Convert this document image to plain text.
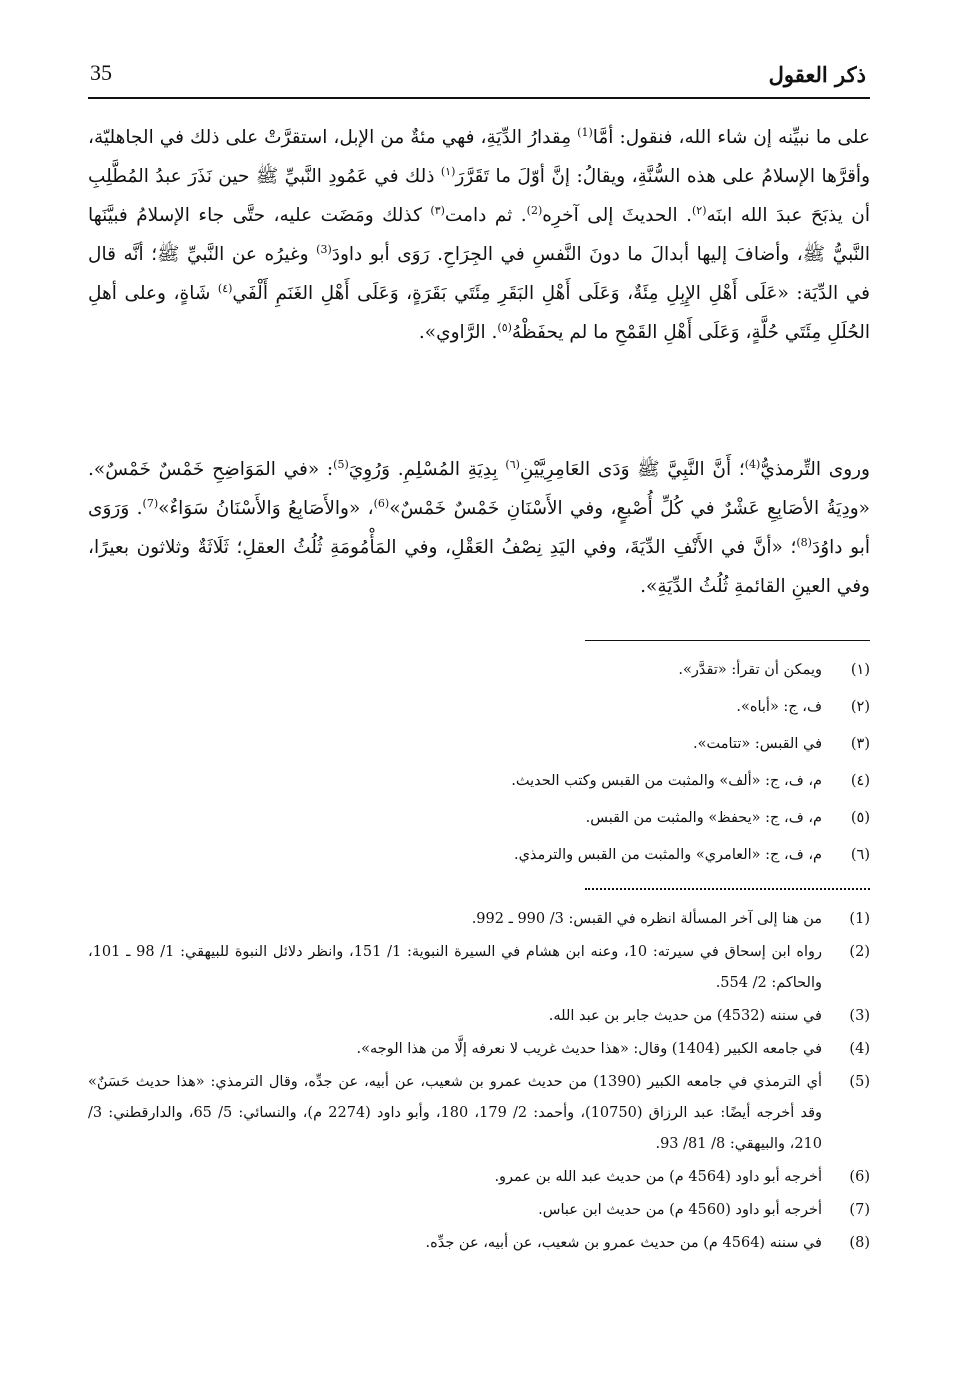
ذكر العقول
35

على ما نبيِّنه إن شاء الله، فنقول: أمَّا$^{(1)}$ مِقدارُ الدِّيَةِ، فهي مئةٌ من الإبل، استقرَّتْ على ذلك في الجاهليّة، وأقرَّها الإسلامُ على هذه السُّنَّةِ، ويقالُ: إنَّ أوّلَ ما تَقَرَّرَ$^{(١)}$ ذلك في عَمُودِ النَّبيِّ ﷺ حين نَذَرَ عبدُ المُطَّلِبِ أن يذبَحَ عبدَ الله ابنَه$^{(٢)}$. الحديثَ إلى آخرِه$^{(2)}$. ثم دامت$^{(٣)}$ كذلك ومَضَت عليه، حتَّى جاء الإسلامُ فبيَّنَها النَّبيُّ ﷺ، وأضافَ إليها أبدالَ ما دونَ النَّفسِ في الجِرَاحِ. رَوَى أبو داودَ$^{(3)}$ وغيرُه عن النَّبيِّ ﷺ؛ أنَّه قال في الدِّيَة: «عَلَى أَهْلِ الإِبِلِ مِئَةٌ، وَعَلَى أَهْلِ البَقَرِ مِئَتَي بَقَرَةٍ، وَعَلَى أَهْلِ الغَنَمِ أَلْفَي$^{(٤)}$ شَاةٍ، وعلى أهلِ الحُلَلِ مِئَتَي حُلَّةٍ، وَعَلَى أَهْلِ القَمْحِ ما لم يحفَظْهُ$^{(٥)}$. الرَّاوي».

وروى التِّرمذيُّ$^{(4)}$؛ أَنَّ النَّبِيَّ ﷺ وَدَى العَامِرِيَّيْنِ$^{(٦)}$ بِدِيَةِ المُسْلِمِ. وَرُوِيَ$^{(5)}$: «في المَوَاضِحِ خَمْسٌ خَمْسٌ». «ودِيَةُ الأصَابِعِ عَشْرٌ في كُلِّ أُصْبعٍ، وفي الأَسْنَانِ خَمْسٌ خَمْسٌ»$^{(6)}$، «والأَصَابِعُ وَالأَسْنَانُ سَوَاءٌ»$^{(7)}$. وَرَوَى أبو داوُدَ$^{(8)}$؛ «أنَّ في الأَنْفِ الدِّيَةَ، وفي اليَدِ نِصْفُ العَقْلِ، وفي المَأْمُومَةِ ثُلُثُ العقلِ؛ ثَلَاثَةٌ وثلاثون بعيرًا، وفي العينِ القائمةِ ثُلُثُ الدِّيَةِ».

(١)
ويمكن أن تقرأ: «تقدَّر».
(٢)
ف، ج: «أباه».
(٣)
في القبس: «تتامت».
(٤)
م، ف، ج: «ألف» والمثبت من القبس وكتب الحديث.
(٥)
م، ف، ج: «يحفظ» والمثبت من القبس.
(٦)
م، ف، ج: «العامري» والمثبت من القبس والترمذي.
(1)
من هنا إلى آخر المسألة انظره في القبس: 3/ 990 ـ 992.
(2)
رواه ابن إسحاق في سيرته: 10، وعنه ابن هشام في السيرة النبوية: 1/ 151، وانظر دلائل النبوة للبيهقي: 1/ 98 ـ 101، والحاكم: 2/ 554.
(3)
في سننه (4532) من حديث جابر بن عبد الله.
(4)
في جامعه الكبير (1404) وقال: «هذا حديث غريب لا نعرفه إلَّا من هذا الوجه».
(5)
أي الترمذي في جامعه الكبير (1390) من حديث عمرو بن شعيب، عن أبيه، عن جدِّه، وقال الترمذي: «هذا حديث حَسَنٌ» وقد أخرجه أيضًا: عبد الرزاق (10750)، وأحمد: 2/ 179، 180، وأبو داود (2274 م)، والنسائي: 5/ 65، والدارقطني: 3/ 210، والبيهقي: 8/ 81/ 93.
(6)
أخرجه أبو داود (4564 م) من حديث عبد الله بن عمرو.
(7)
أخرجه أبو داود (4560 م) من حديث ابن عباس.
(8)
في سننه (4564 م) من حديث عمرو بن شعيب، عن أبيه، عن جدِّه.
